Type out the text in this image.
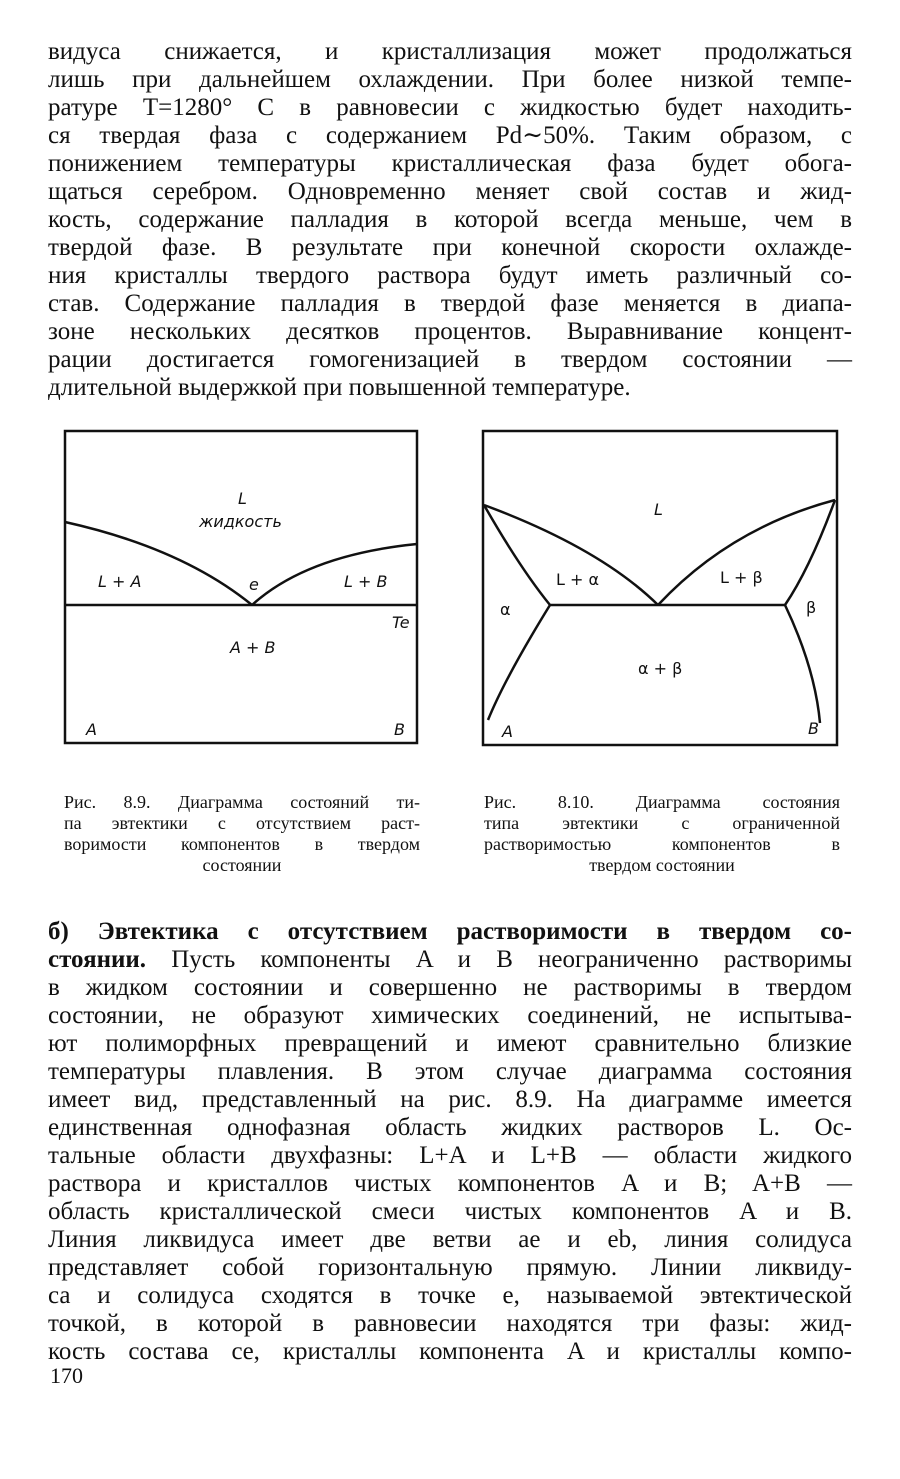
видуса снижается, и кристаллизация может продолжаться
лишь при дальнейшем охлаждении. При более низкой темпе-
ратуре T=1280° C в равновесии с жидкостью будет находить-
ся твердая фаза с содержанием Pd∼50%. Таким образом, с
понижением температуры кристаллическая фаза будет обога-
щаться серебром. Одновременно меняет свой состав и жид-
кость, содержание палладия в которой всегда меньше, чем в
твердой фазе. В результате при конечной скорости охлажде-
ния кристаллы твердого раствора будут иметь различный со-
став. Содержание палладия в твердой фазе меняется в диапа-
зоне нескольких десятков процентов. Выравнивание концент-
рации достигается гомогенизацией в твердом состоянии —
длительной выдержкой при повышенной температуре.
L
жидкость
L + A	e	L + B
Te
A + B
A	B
L
L + α	L + β
α	β
α + β
A	B
Рис. 8.9. Диаграмма состояний ти-
па эвтектики с отсутствием раст-
воримости компонентов в твердом
состоянии
Рис. 8.10. Диаграмма состояния
типа эвтектики с ограниченной
растворимостью компонентов в
твердом состоянии
б) Эвтектика с отсутствием растворимости в твердом со-
стоянии. Пусть компоненты A и B неограниченно растворимы
в жидком состоянии и совершенно не растворимы в твердом
состоянии, не образуют химических соединений, не испытыва-
ют полиморфных превращений и имеют сравнительно близкие
температуры плавления. В этом случае диаграмма состояния
имеет вид, представленный на рис. 8.9. На диаграмме имеется
единственная однофазная область жидких растворов L. Ос-
тальные области двухфазны: L+A и L+B — области жидкого
раствора и кристаллов чистых компонентов A и B; A+B —
область кристаллической смеси чистых компонентов A и B.
Линия ликвидуса имеет две ветви ae и eb, линия солидуса
представляет собой горизонтальную прямую. Линии ликвиду-
са и солидуса сходятся в точке e, называемой эвтектической
точкой, в которой в равновесии находятся три фазы: жид-
кость состава ce, кристаллы компонента A и кристаллы компо-
170
